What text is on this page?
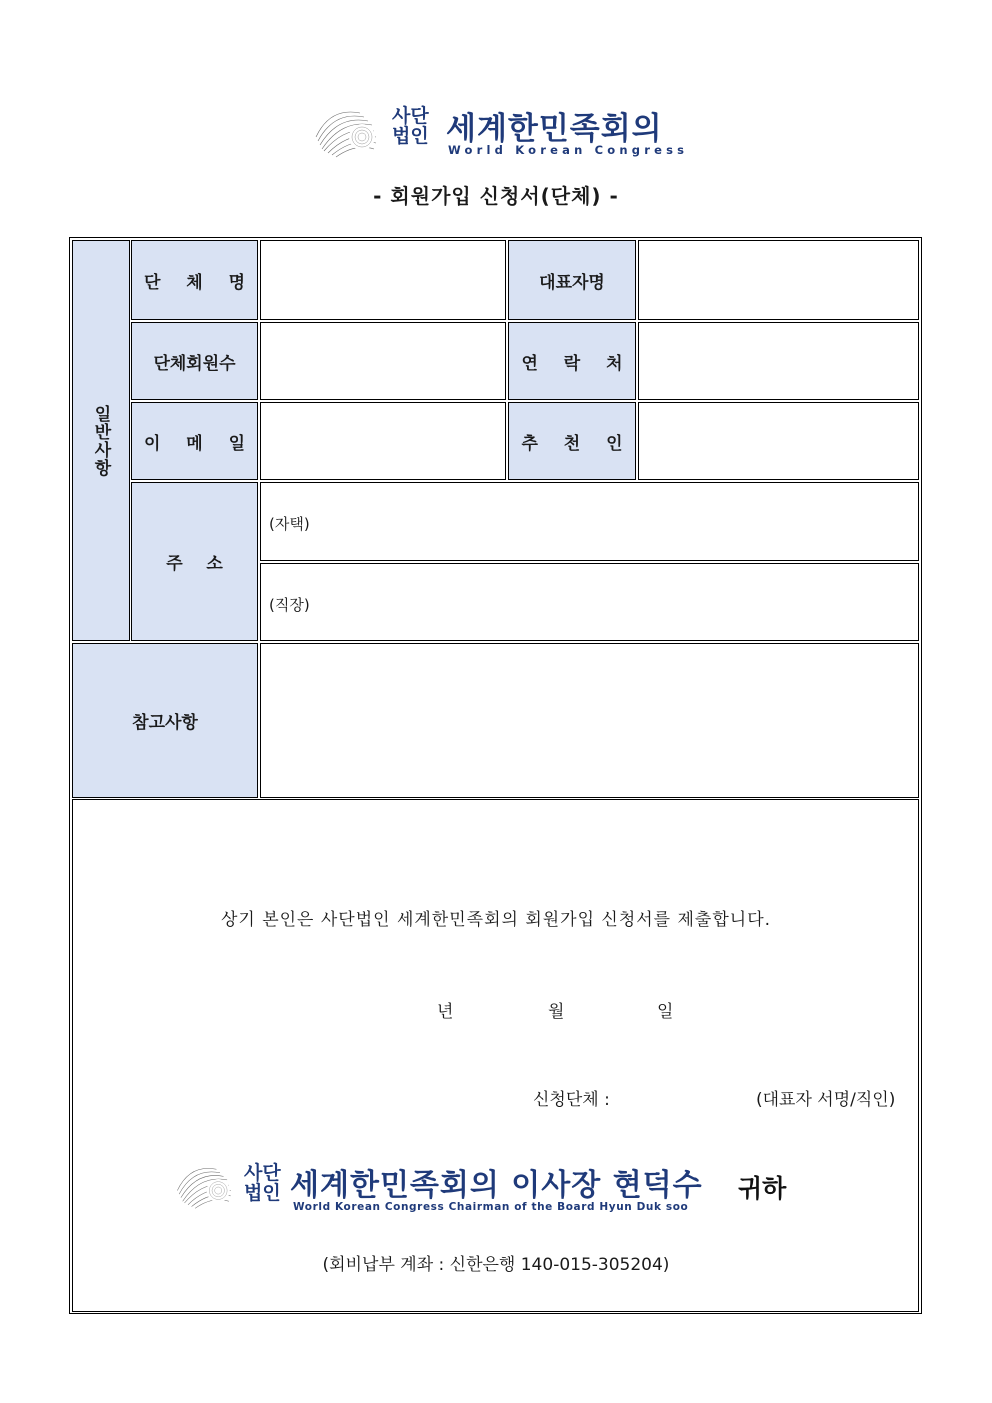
사단
법인 세계한민족회의
World Korean Congress
- 회원가입 신청서(단체) -
일반사항
단 체 명	대표자명
단체회원수	연 락 처
이 메 일	추 천 인
주    소
(자택)
(직장)
참고사항
상기 본인은 사단법인 세계한민족회의 회원가입 신청서를 제출합니다.
년	월	일
신청단체 :	(대표자 서명/직인)
사단
법인 세계한민족회의 이사장 현덕수
World Korean Congress Chairman of the Board Hyun Duk soo
귀하
(회비납부 계좌 : 신한은행 140-015-305204)
